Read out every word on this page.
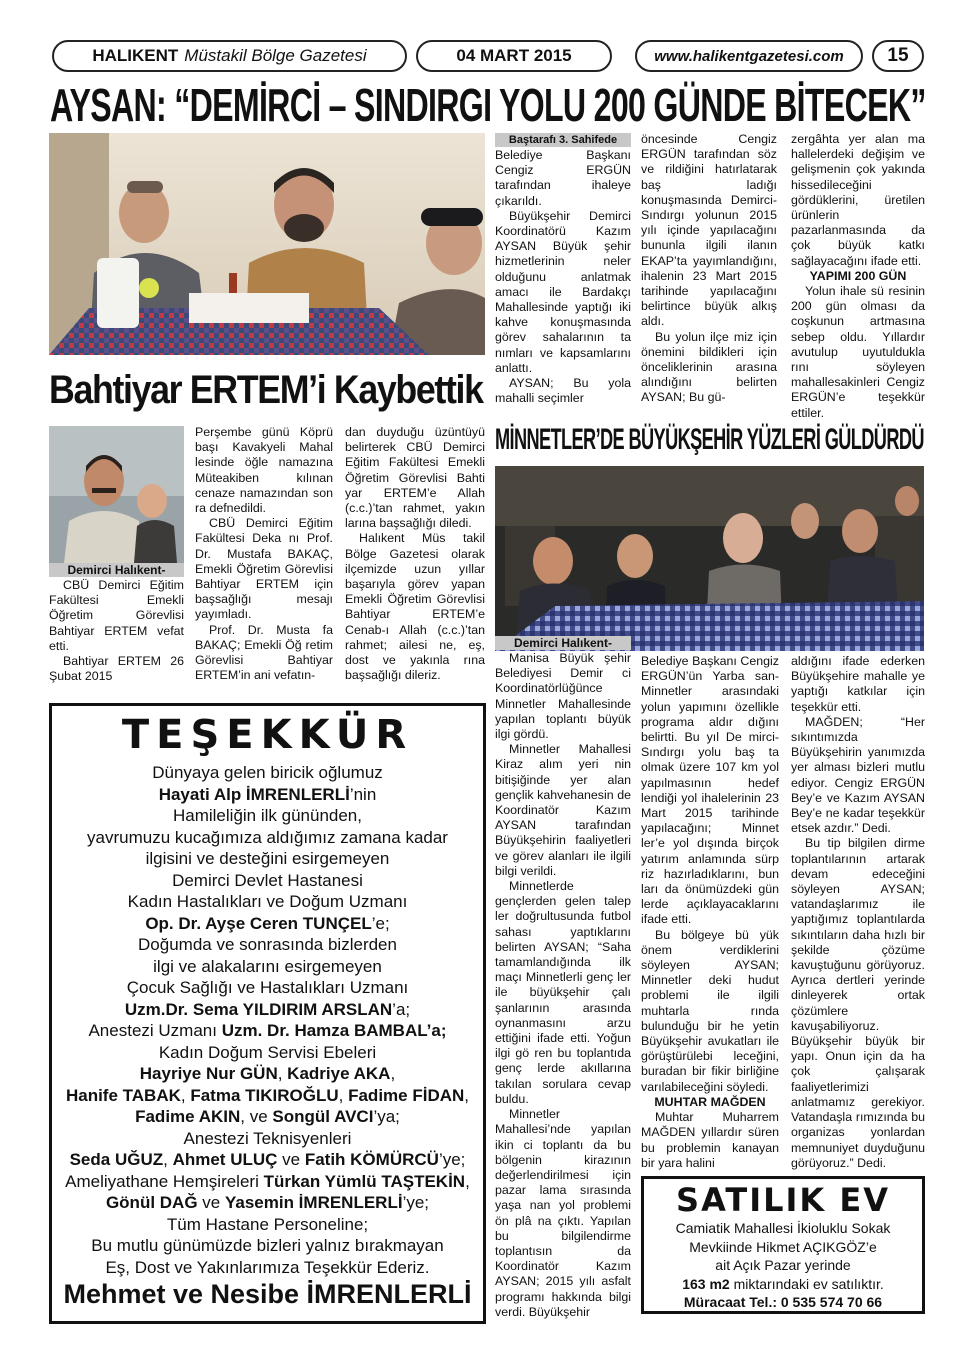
HALIKENT Müstakil Bölge Gazetesi	04 MART 2015	www.halikentgazetesi.com 15
AYSAN: “DEMİRCİ – SINDIRGI YOLU 200 GÜNDE BİTECEK”
Baştarafı 3. Sahifede

Belediye Başkanı Cengiz ERGÜN tarafından ihaleye çıkarıldı.

Büyükşehir Demirci Koordinatörü Kazım AYSAN Büyük şehir hizmetlerinin neler olduğunu anlatmak amacı ile Bardakçı Mahallesinde yaptığı iki kahve konuşmasında görev sahalarının ta nımları ve kapsamlarını anlattı.

AYSAN; Bu yola mahalli seçimler

öncesinde Cengiz ERGÜN tarafından söz ve rildiğini hatırlatarak baş ladığı konuşmasında Demirci-Sındırgı yolunun 2015 yılı içinde yapılacağını bununla ilgili ilanın EKAP’ta yayımlandığını, ihalenin 23 Mart 2015 tarihinde yapılacağını belirtince büyük alkış aldı.

Bu yolun ilçe miz için önemini bildikleri için önceliklerinin arasına alındığını belirten AYSAN; Bu gü-

zergâhta yer alan ma hallelerdeki değişim ve gelişmenin çok yakında hissedileceğini gördüklerini, üretilen ürünlerin pazarlanmasında da çok büyük katkı sağlayacağını ifade etti.

YAPIMI 200 GÜN

Yolun ihale sü resinin 200 gün olması da coşkunun artmasına sebep oldu. Yıllardır avutulup uyutuldukla rını söyleyen mahallesakinleri Cengiz ERGÜN’e teşekkür ettiler.

Bahtiyar ERTEM’i Kaybettik
Demirci Halıkent-

CBÜ Demirci Eğitim Fakültesi Emekli Öğretim Görevlisi Bahtiyar ERTEM vefat etti.

Bahtiyar ERTEM 26 Şubat 2015

Perşembe günü Köprü başı Kavakyeli Mahal lesinde öğle namazına Müteakiben kılınan cenaze namazından son ra defnedildi.

CBÜ Demirci Eğitim Fakültesi Deka nı Prof. Dr. Mustafa BAKAÇ, Emekli Öğretim Görevlisi Bahtiyar ERTEM için başsağlığı mesajı yayımladı.

Prof. Dr. Musta fa BAKAÇ; Emekli Öğ retim Görevlisi Bahtiyar ERTEM’in ani vefatın-

dan duyduğu üzüntüyü belirterek CBÜ Demirci Eğitim Fakültesi Emekli Öğretim Görevlisi Bahti yar ERTEM’e Allah (c.c.)’tan rahmet, yakın larına başsağlığı diledi.

Halıkent Müs takil Bölge Gazetesi olarak ilçemizde uzun yıllar başarıyla görev yapan Emekli Öğretim Görevlisi Bahtiyar ERTEM’e Cenab-ı Allah (c.c.)’tan rahmet; ailesi ne, eş, dost ve yakınla rına başsağlığı dileriz.

TEŞEKKÜR
Dünyaya gelen biricik oğlumuz
Hayati Alp İMRENLERLİ’nin
Hamileliğin ilk gününden,
yavrumuzu kucağımıza aldığımız zamana kadar
ilgisini ve desteğini esirgemeyen
Demirci Devlet Hastanesi
Kadın Hastalıkları ve Doğum Uzmanı
Op. Dr. Ayşe Ceren TUNÇEL’e;
Doğumda ve sonrasında bizlerden
ilgi ve alakalarını esirgemeyen
Çocuk Sağlığı ve Hastalıkları Uzmanı
Uzm.Dr. Sema YILDIRIM ARSLAN’a;
Anestezi Uzmanı Uzm. Dr. Hamza BAMBAL’a;
Kadın Doğum Servisi Ebeleri
Hayriye Nur GÜN, Kadriye AKA,
Hanife TABAK, Fatma TIKIROĞLU, Fadime FİDAN,
Fadime AKIN, ve Songül AVCI’ya;
Anestezi Teknisyenleri
Seda UĞUZ, Ahmet ULUÇ ve Fatih KÖMÜRCÜ’ye;
Ameliyathane Hemşireleri Türkan Yümlü TAŞTEKİN,
Gönül DAĞ ve Yasemin İMRENLERLİ’ye;
Tüm Hastane Personeline;
Bu mutlu günümüzde bizleri yalnız bırakmayan
Eş, Dost ve Yakınlarımıza Teşekkür Ederiz.
Mehmet ve Nesibe İMRENLERLİ
MİNNETLER’DE BÜYÜKŞEHİR YÜZLERİ GÜLDÜRDÜ
Demirci Halıkent-

Manisa Büyük şehir Belediyesi Demir ci Koordinatörlüğünce Minnetler Mahallesinde yapılan toplantı büyük ilgi gördü.

Minnetler Mahallesi Kiraz alım yeri nin bitişiğinde yer alan gençlik kahvehanesin de Koordinatör Kazım AYSAN tarafından Büyükşehirin faaliyetleri ve görev alanları ile ilgili bilgi verildi.

Minnetlerde gençlerden gelen talep ler doğrultusunda futbol sahası yaptıklarını belirten AYSAN; “Saha tamamlandığında ilk maçı Minnetlerli genç ler ile büyükşehir çalı şanlarının arasında oynanmasını arzu ettiğini ifade etti. Yoğun ilgi gö ren bu toplantıda genç lerde akıllarına takılan sorulara cevap buldu.

Minnetler Mahallesi’nde yapılan ikin ci toplantı da bu bölgenin kirazının değerlendirilmesi için pazar lama sırasında yaşa nan yol problemi ön plâ na çıktı. Yapılan bu bilgilendirme toplantısın da Koordinatör Kazım AYSAN; 2015 yılı asfalt programı hakkında bilgi verdi. Büyükşehir

Belediye Başkanı Cengiz ERGÜN’ün Yarba san-Minnetler arasındaki yolun yapımını özellikle programa aldır dığını belirtti. Bu yıl De mirci-Sındırgı yolu baş ta olmak üzere 107 km yol yapılmasının hedef lendiği yol ihalelerinin 23 Mart 2015 tarihinde yapılacağını; Minnet ler’e yol dışında birçok yatırım anlamında sürp riz hazırladıklarını, bun ları da önümüzdeki gün lerde açıklayacaklarını ifade etti.

Bu bölgeye bü yük önem verdiklerini söyleyen AYSAN; Minnetler deki hudut problemi ile ilgili muhtarla rında bulunduğu bir he yetin Büyükşehir avukatları ile görüştürülebi leceğini, buradan bir fikir birliğine varılabileceğini söyledi.

MUHTAR MAĞDEN

Muhtar Muharrem MAĞDEN yıllardır süren bu problemin kanayan bir yara halini

aldığını ifade ederken Büyükşehire mahalle ye yaptığı katkılar için teşekkür etti.

MAĞDEN; “Her sıkıntımızda Büyükşehirin yanımızda yer alması bizleri mutlu ediyor. Cengiz ERGÜN Bey’e ve Kazım AYSAN Bey’e ne kadar teşekkür etsek azdır.” Dedi.

Bu tip bilgilen dirme toplantılarının artarak devam edeceğini söyleyen AYSAN; vatandaşlarımız ile yaptığımız toplantılarda sıkıntıların daha hızlı bir şekilde çözüme kavuştuğunu görüyoruz. Ayrıca dertleri yerinde dinleyerek ortak çözümlere kavuşabiliyoruz. Büyükşehir büyük bir yapı. Onun için da ha çok çalışarak faaliyetlerimizi anlatmamız gerekiyor. Vatandaşla rımızında bu organizas yonlardan memnuniyet duyduğunu görüyoruz.” Dedi.

SATILIK EV
Camiatik Mahallesi İkioluklu Sokak
Mevkiinde Hikmet AÇIKGÖZ’e
ait Açık Pazar yerinde
163 m2 miktarındaki ev satılıktır.
Müracaat Tel.: 0 535 574 70 66
